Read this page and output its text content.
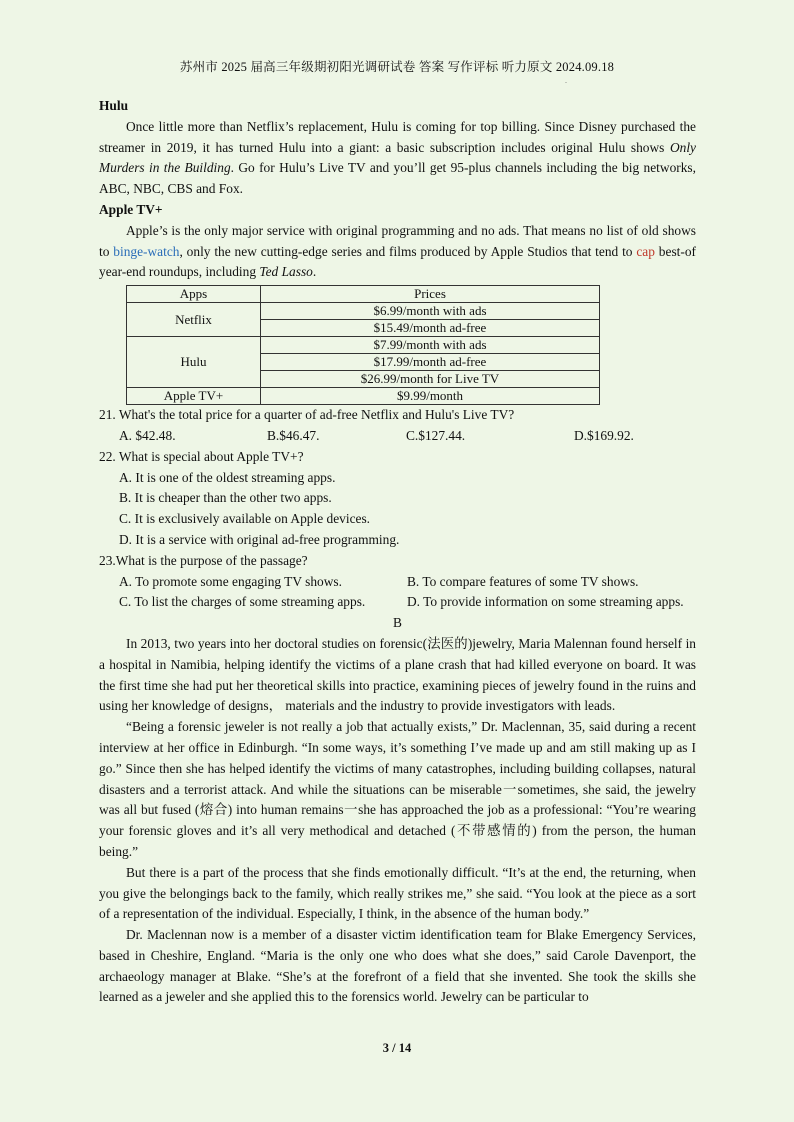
苏州市 2025 届高三年级期初阳光调研试卷 答案 写作评标 听力原文 2024.09.18
.

Hulu

Once little more than Netflix’s replacement, Hulu is coming for top billing. Since Disney purchased the streamer in 2019, it has turned Hulu into a giant: a basic subscription includes original Hulu shows Only Murders in the Building. Go for Hulu’s Live TV and you’ll get 95-plus channels including the big networks, ABC, NBC, CBS and Fox.

Apple TV+

Apple’s is the only major service with original programming and no ads. That means no list of old shows to binge-watch, only the new cutting-edge series and films produced by Apple Studios that tend to cap best-of year-end roundups, including Ted Lasso.

Apps	Prices
Netflix	$6.99/month with ads
	$15.49/month ad-free
Hulu	$7.99/month with ads
	$17.99/month ad-free
	$26.99/month for Live TV
Apple TV+	$9.99/month

21. What's the total price for a quarter of ad-free Netflix and Hulu's Live TV?

A. $42.48.	B.$46.47.	C.$127.44.	D.$169.92.

22. What is special about Apple TV+?

A. It is one of the oldest streaming apps.

B. It is cheaper than the other two apps.

C. It is exclusively available on Apple devices.

D. It is a service with original ad-free programming.

23.What is the purpose of the passage?

A. To promote some engaging TV shows.	B. To compare features of some TV shows.
C. To list the charges of some streaming apps.	D. To provide information on some streaming apps.

B

In 2013, two years into her doctoral studies on forensic(法医的)jewelry, Maria Malennan found herself in a hospital in Namibia, helping identify the victims of a plane crash that had killed everyone on board. It was the first time she had put her theoretical skills into practice, examining pieces of jewelry found in the ruins and using her knowledge of designs， materials and the industry to provide investigators with leads.

“Being a forensic jeweler is not really a job that actually exists,” Dr. Maclennan, 35, said during a recent interview at her office in Edinburgh. “In some ways, it’s something I’ve made up and am still making up as I go.” Since then she has helped identify the victims of many catastrophes, including building collapses, natural disasters and a terrorist attack. And while the situations can be miserable一sometimes, she said, the jewelry was all but fused (熔合) into human remains一she has approached the job as a professional: “You’re wearing your forensic gloves and it’s all very methodical and detached (不带感情的) from the person, the human being.”

But there is a part of the process that she finds emotionally difficult. “It’s at the end, the returning, when you give the belongings back to the family, which really strikes me,” she said. “You look at the piece as a sort of a representation of the individual. Especially, I think, in the absence of the human body.”

Dr. Maclennan now is a member of a disaster victim identification team for Blake Emergency Services, based in Cheshire, England. “Maria is the only one who does what she does,” said Carole Davenport, the archaeology manager at Blake. “She’s at the forefront of a field that she invented. She took the skills she learned as a jeweler and she applied this to the forensics world. Jewelry can be particular to

3 / 14
